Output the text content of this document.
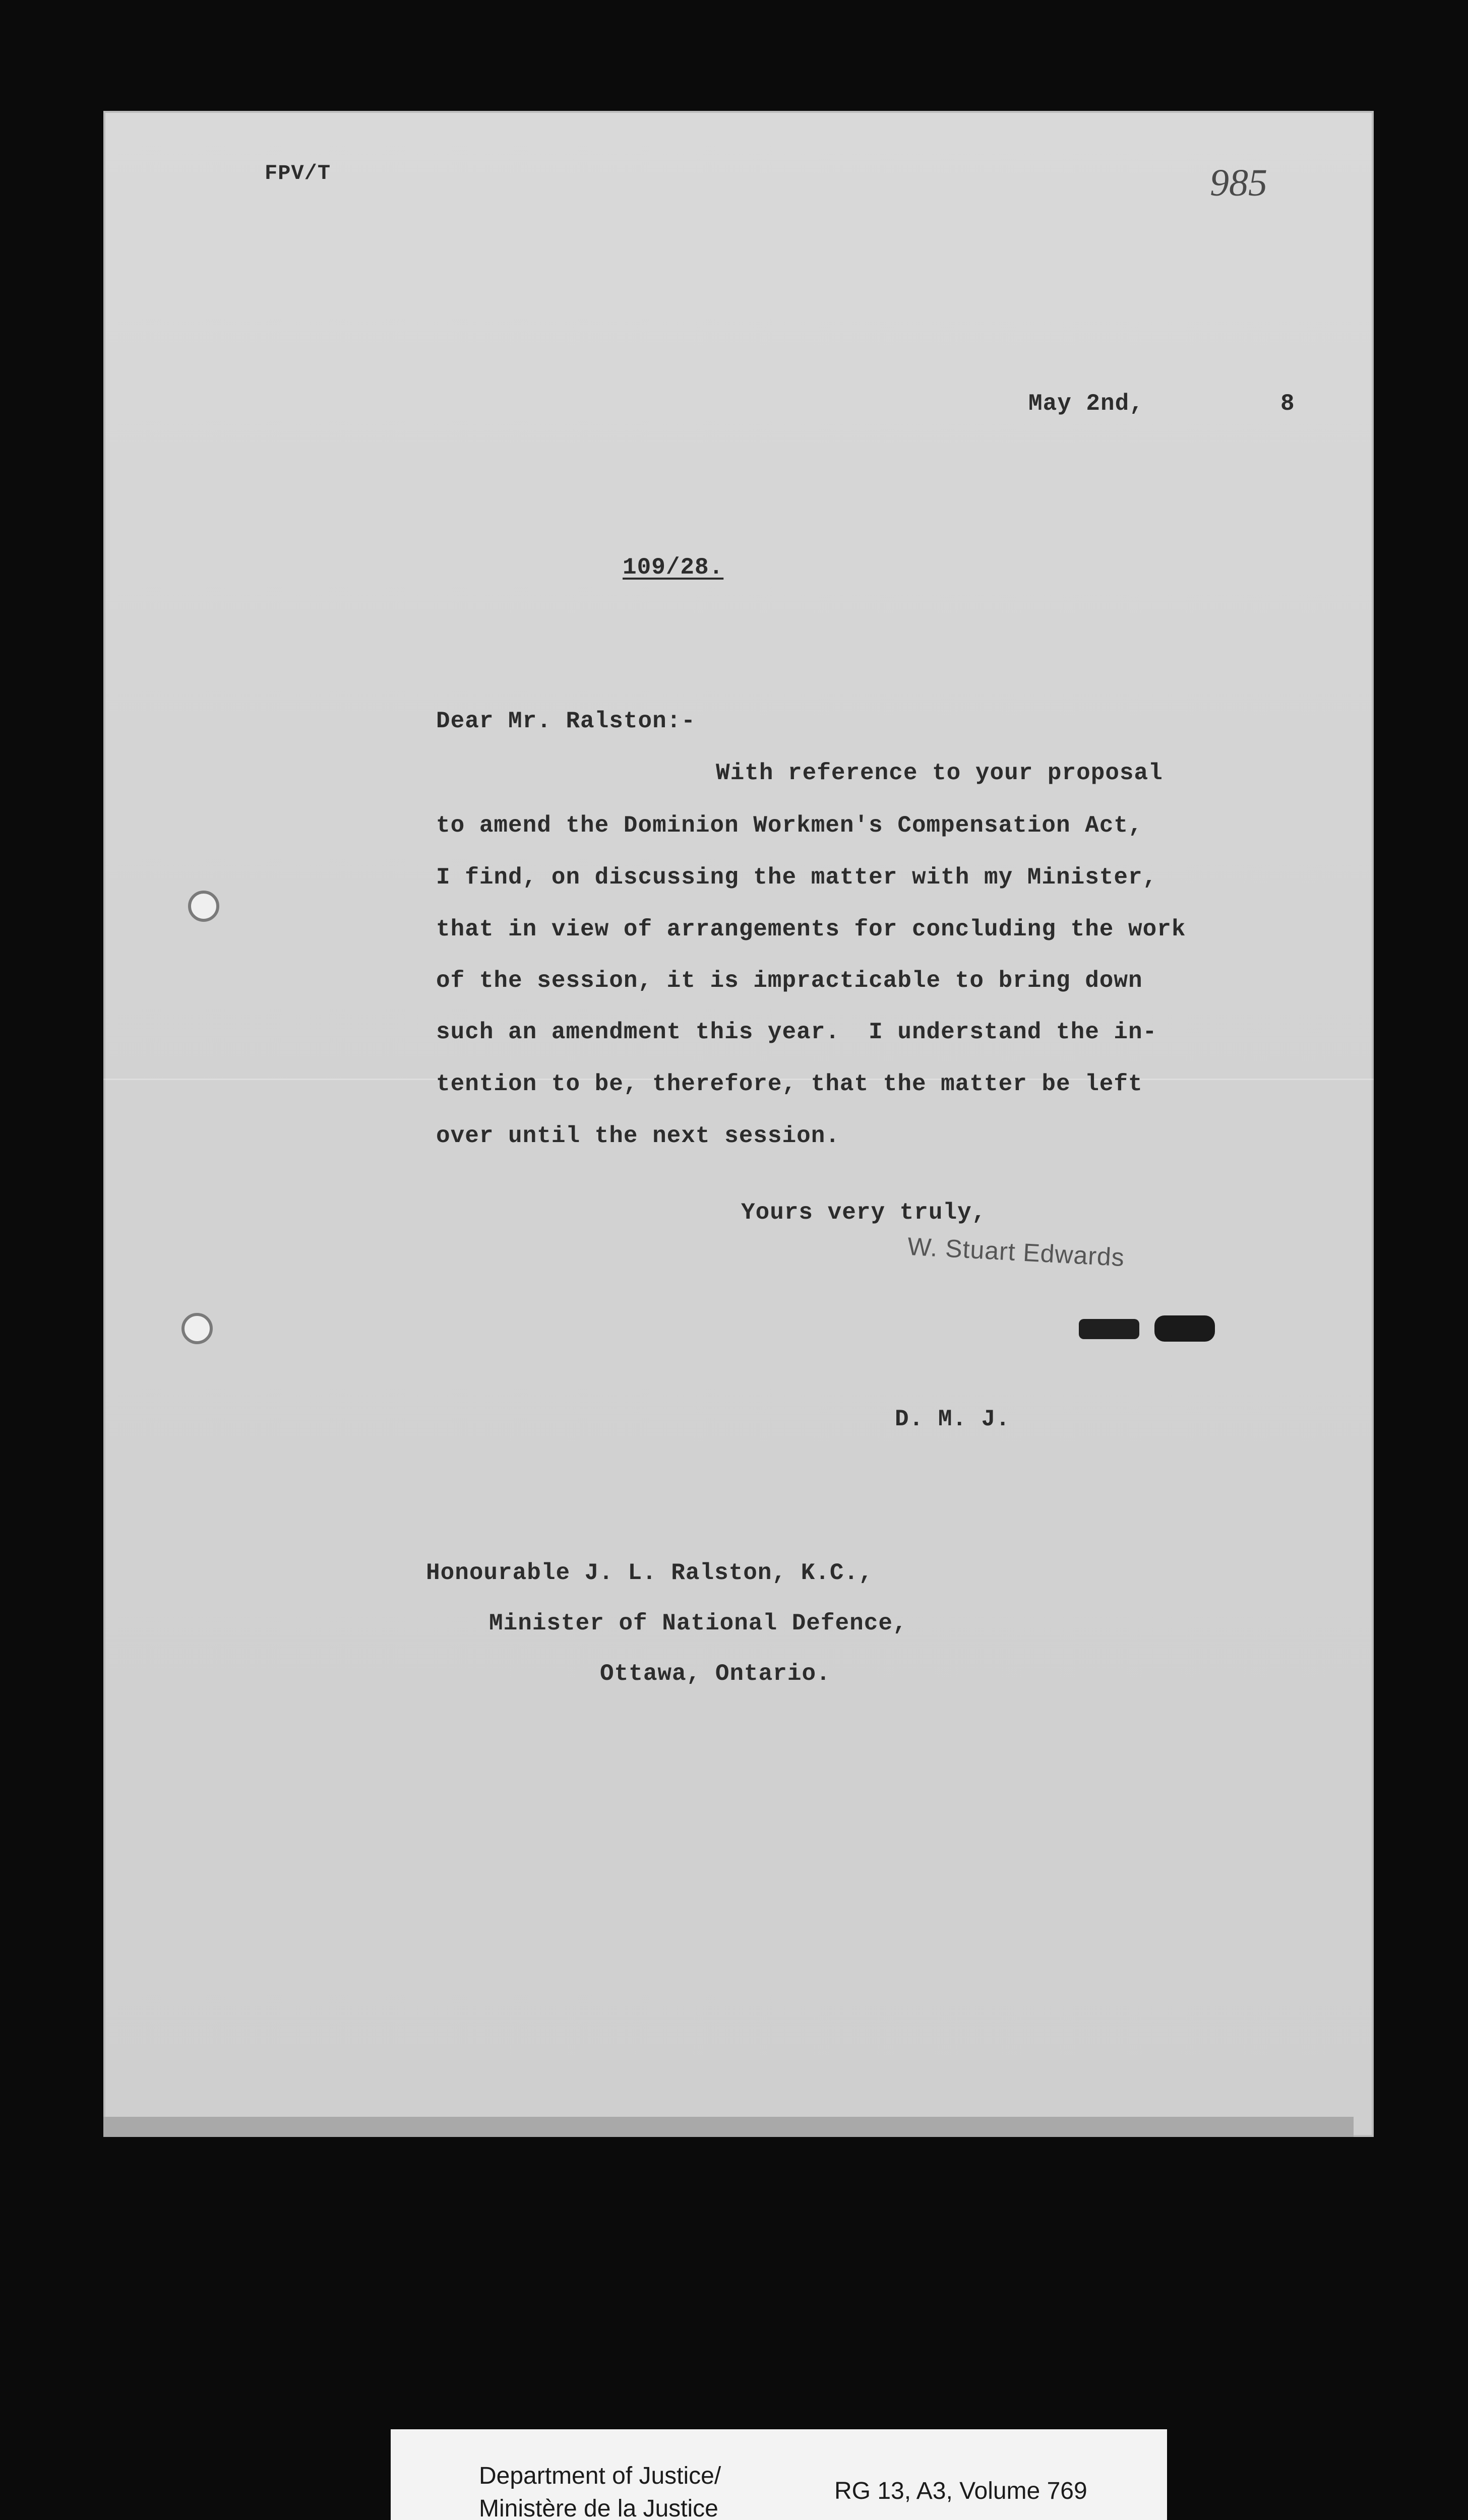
FPV/T	985
May 2nd,	8
109/28.
Dear Mr. Ralston:-
With reference to your proposal
to amend the Dominion Workmen's Compensation Act,
I find, on discussing the matter with my Minister,
that in view of arrangements for concluding the work
of the session, it is impracticable to bring down
such an amendment this year.  I understand the in-
tention to be, therefore, that the matter be left
over until the next session.
Yours very truly,
W. Stuart Edwards
D. M. J.
Honourable J. L. Ralston, K.C.,
Minister of National Defence,
Ottawa, Ontario.
Department of Justice/
Ministère de la Justice
RG 13, A3, Volume 769
